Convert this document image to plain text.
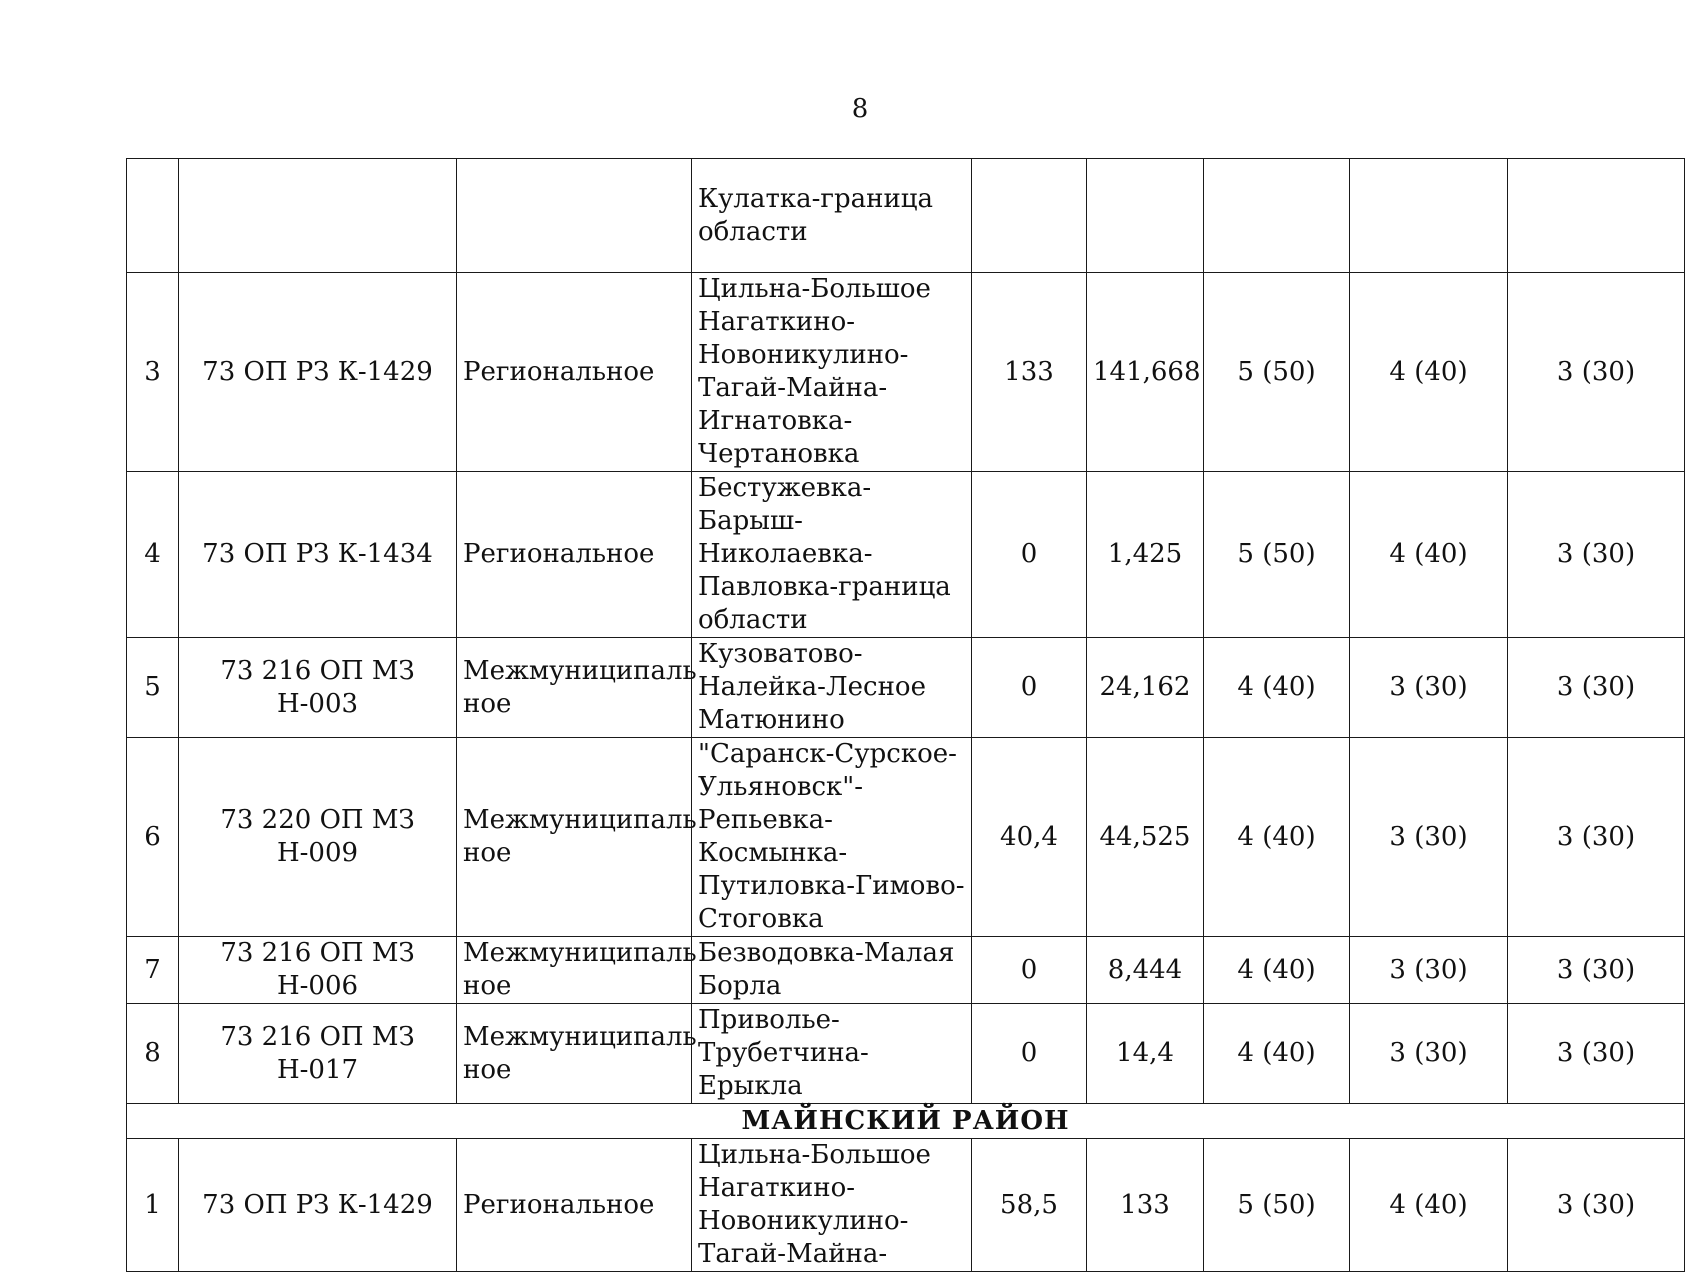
8
			Кулатка-граница области					
3	73 ОП РЗ К-1429	Региональное	Цильна-Большое Нагаткино-Новоникулино-Тагай-Майна-Игнатовка-Чертановка	133	141,668	5 (50)	4 (40)	3 (30)
4	73 ОП РЗ К-1434	Региональное	Бестужевка-Барыш-Николаевка-Павловка-граница области	0	1,425	5 (50)	4 (40)	3 (30)
5	73 216 ОП МЗ Н-003	Межмуниципаль ное	Кузоватово-Налейка-Лесное Матюнино	0	24,162	4 (40)	3 (30)	3 (30)
6	73 220 ОП МЗ Н-009	Межмуниципаль ное	"Саранск-Сурское-Ульяновск"-Репьевка-Космынка-Путиловка-Гимово-Стоговка	40,4	44,525	4 (40)	3 (30)	3 (30)
7	73 216 ОП МЗ Н-006	Межмуниципаль ное	Безводовка-Малая Борла	0	8,444	4 (40)	3 (30)	3 (30)
8	73 216 ОП МЗ Н-017	Межмуниципаль ное	Приволье-Трубетчина-Ерыкла	0	14,4	4 (40)	3 (30)	3 (30)
МАЙНСКИЙ РАЙОН								
1	73 ОП РЗ К-1429	Региональное	Цильна-Большое Нагаткино-Новоникулино-Тагай-Майна-	58,5	133	5 (50)	4 (40)	3 (30)
